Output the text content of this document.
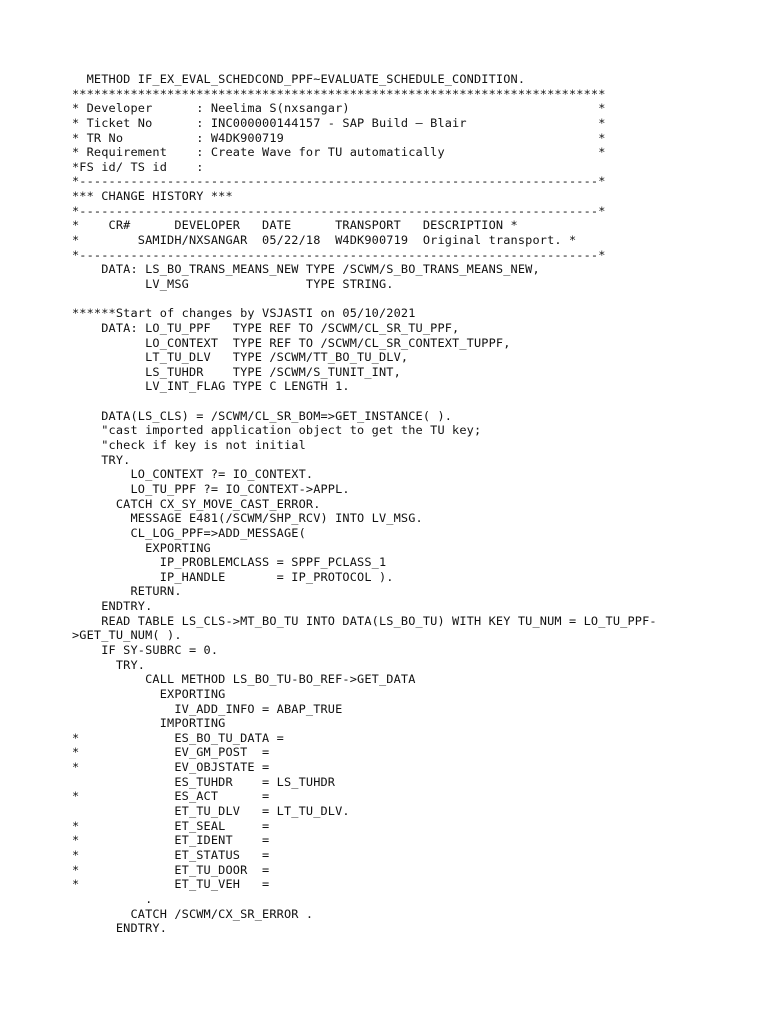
METHOD IF_EX_EVAL_SCHEDCOND_PPF~EVALUATE_SCHEDULE_CONDITION.
*************************************************************************
* Developer      : Neelima S(nxsangar)                                  *
* Ticket No      : INC000000144157 - SAP Build – Blair                  *
* TR No          : W4DK900719                                           *
* Requirement    : Create Wave for TU automatically                     *
*FS id/ TS id    :
*-----------------------------------------------------------------------*
*** CHANGE HISTORY ***
*-----------------------------------------------------------------------*
*    CR#      DEVELOPER   DATE      TRANSPORT   DESCRIPTION *
*        SAMIDH/NXSANGAR  05/22/18  W4DK900719  Original transport. *
*-----------------------------------------------------------------------*
DATA: LS_BO_TRANS_MEANS_NEW TYPE /SCWM/S_BO_TRANS_MEANS_NEW,
LV_MSG                TYPE STRING.
******Start of changes by VSJASTI on 05/10/2021
DATA: LO_TU_PPF   TYPE REF TO /SCWM/CL_SR_TU_PPF,
LO_CONTEXT  TYPE REF TO /SCWM/CL_SR_CONTEXT_TUPPF,
LT_TU_DLV   TYPE /SCWM/TT_BO_TU_DLV,
LS_TUHDR    TYPE /SCWM/S_TUNIT_INT,
LV_INT_FLAG TYPE C LENGTH 1.
DATA(LS_CLS) = /SCWM/CL_SR_BOM=>GET_INSTANCE( ).
"cast imported application object to get the TU key;
"check if key is not initial
TRY.
LO_CONTEXT ?= IO_CONTEXT.
LO_TU_PPF ?= IO_CONTEXT->APPL.
CATCH CX_SY_MOVE_CAST_ERROR.
MESSAGE E481(/SCWM/SHP_RCV) INTO LV_MSG.
CL_LOG_PPF=>ADD_MESSAGE(
EXPORTING
IP_PROBLEMCLASS = SPPF_PCLASS_1
IP_HANDLE       = IP_PROTOCOL ).
RETURN.
ENDTRY.
READ TABLE LS_CLS->MT_BO_TU INTO DATA(LS_BO_TU) WITH KEY TU_NUM = LO_TU_PPF-
>GET_TU_NUM( ).
IF SY-SUBRC = 0.
TRY.
CALL METHOD LS_BO_TU-BO_REF->GET_DATA
EXPORTING
IV_ADD_INFO = ABAP_TRUE
IMPORTING
*             ES_BO_TU_DATA =
*             EV_GM_POST  =
*             EV_OBJSTATE =
ES_TUHDR    = LS_TUHDR
*             ES_ACT      =
ET_TU_DLV   = LT_TU_DLV.
*             ET_SEAL     =
*             ET_IDENT    =
*             ET_STATUS   =
*             ET_TU_DOOR  =
*             ET_TU_VEH   =
.
CATCH /SCWM/CX_SR_ERROR .
ENDTRY.
